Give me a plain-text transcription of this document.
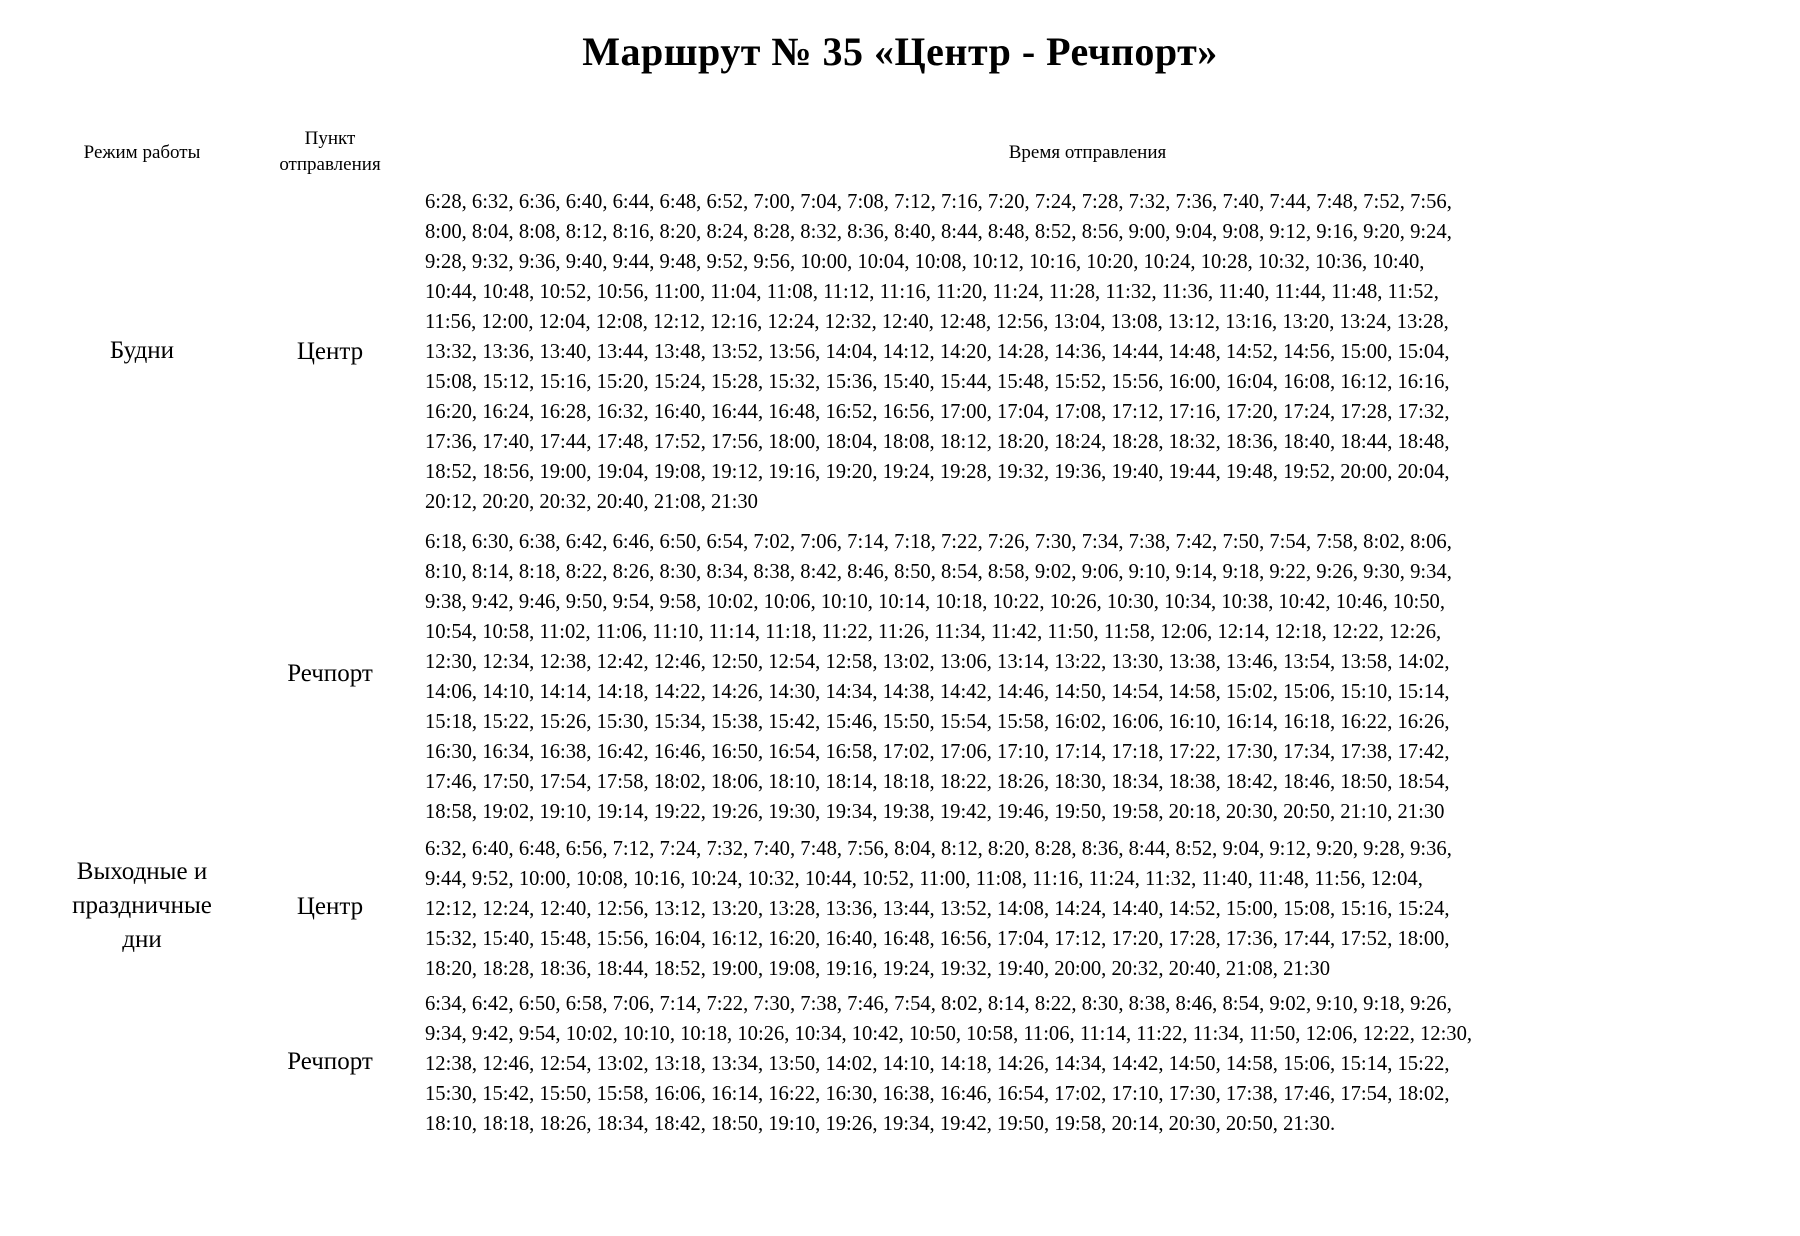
Маршрут № 35 «Центр - Речпорт»
Режим работы
Пункт отправления
Время отправления
Будни
Выходные и праздничные дни
Центр
6:28, 6:32, 6:36, 6:40, 6:44, 6:48, 6:52, 7:00, 7:04, 7:08, 7:12, 7:16, 7:20, 7:24, 7:28, 7:32, 7:36, 7:40, 7:44, 7:48, 7:52, 7:56,
8:00, 8:04, 8:08, 8:12, 8:16, 8:20, 8:24, 8:28, 8:32, 8:36, 8:40, 8:44, 8:48, 8:52, 8:56, 9:00, 9:04, 9:08, 9:12, 9:16, 9:20, 9:24,
9:28, 9:32, 9:36, 9:40, 9:44, 9:48, 9:52, 9:56, 10:00, 10:04, 10:08, 10:12, 10:16, 10:20, 10:24, 10:28, 10:32, 10:36, 10:40,
10:44, 10:48, 10:52, 10:56, 11:00, 11:04, 11:08, 11:12, 11:16, 11:20, 11:24, 11:28, 11:32, 11:36, 11:40, 11:44, 11:48, 11:52,
11:56, 12:00, 12:04, 12:08, 12:12, 12:16, 12:24, 12:32, 12:40, 12:48, 12:56, 13:04, 13:08, 13:12, 13:16, 13:20, 13:24, 13:28,
13:32, 13:36, 13:40, 13:44, 13:48, 13:52, 13:56, 14:04, 14:12, 14:20, 14:28, 14:36, 14:44, 14:48, 14:52, 14:56, 15:00, 15:04,
15:08, 15:12, 15:16, 15:20, 15:24, 15:28, 15:32, 15:36, 15:40, 15:44, 15:48, 15:52, 15:56, 16:00, 16:04, 16:08, 16:12, 16:16,
16:20, 16:24, 16:28, 16:32, 16:40, 16:44, 16:48, 16:52, 16:56, 17:00, 17:04, 17:08, 17:12, 17:16, 17:20, 17:24, 17:28, 17:32,
17:36, 17:40, 17:44, 17:48, 17:52, 17:56, 18:00, 18:04, 18:08, 18:12, 18:20, 18:24, 18:28, 18:32, 18:36, 18:40, 18:44, 18:48,
18:52, 18:56, 19:00, 19:04, 19:08, 19:12, 19:16, 19:20, 19:24, 19:28, 19:32, 19:36, 19:40, 19:44, 19:48, 19:52, 20:00, 20:04,
20:12, 20:20, 20:32, 20:40, 21:08, 21:30
Речпорт
6:18, 6:30, 6:38, 6:42, 6:46, 6:50, 6:54, 7:02, 7:06, 7:14, 7:18, 7:22, 7:26, 7:30, 7:34, 7:38, 7:42, 7:50, 7:54, 7:58, 8:02, 8:06,
8:10, 8:14, 8:18, 8:22, 8:26, 8:30, 8:34, 8:38, 8:42, 8:46, 8:50, 8:54, 8:58, 9:02, 9:06, 9:10, 9:14, 9:18, 9:22, 9:26, 9:30, 9:34,
9:38, 9:42, 9:46, 9:50, 9:54, 9:58, 10:02, 10:06, 10:10, 10:14, 10:18, 10:22, 10:26, 10:30, 10:34, 10:38, 10:42, 10:46, 10:50,
10:54, 10:58, 11:02, 11:06, 11:10, 11:14, 11:18, 11:22, 11:26, 11:34, 11:42, 11:50, 11:58, 12:06, 12:14, 12:18, 12:22, 12:26,
12:30, 12:34, 12:38, 12:42, 12:46, 12:50, 12:54, 12:58, 13:02, 13:06, 13:14, 13:22, 13:30, 13:38, 13:46, 13:54, 13:58, 14:02,
14:06, 14:10, 14:14, 14:18, 14:22, 14:26, 14:30, 14:34, 14:38, 14:42, 14:46, 14:50, 14:54, 14:58, 15:02, 15:06, 15:10, 15:14,
15:18, 15:22, 15:26, 15:30, 15:34, 15:38, 15:42, 15:46, 15:50, 15:54, 15:58, 16:02, 16:06, 16:10, 16:14, 16:18, 16:22, 16:26,
16:30, 16:34, 16:38, 16:42, 16:46, 16:50, 16:54, 16:58, 17:02, 17:06, 17:10, 17:14, 17:18, 17:22, 17:30, 17:34, 17:38, 17:42,
17:46, 17:50, 17:54, 17:58, 18:02, 18:06, 18:10, 18:14, 18:18, 18:22, 18:26, 18:30, 18:34, 18:38, 18:42, 18:46, 18:50, 18:54,
18:58, 19:02, 19:10, 19:14, 19:22, 19:26, 19:30, 19:34, 19:38, 19:42, 19:46, 19:50, 19:58, 20:18, 20:30, 20:50, 21:10, 21:30
Центр
6:32, 6:40, 6:48, 6:56, 7:12, 7:24, 7:32, 7:40, 7:48, 7:56, 8:04, 8:12, 8:20, 8:28, 8:36, 8:44, 8:52, 9:04, 9:12, 9:20, 9:28, 9:36,
9:44, 9:52, 10:00, 10:08, 10:16, 10:24, 10:32, 10:44, 10:52, 11:00, 11:08, 11:16, 11:24, 11:32, 11:40, 11:48, 11:56, 12:04,
12:12, 12:24, 12:40, 12:56, 13:12, 13:20, 13:28, 13:36, 13:44, 13:52, 14:08, 14:24, 14:40, 14:52, 15:00, 15:08, 15:16, 15:24,
15:32, 15:40, 15:48, 15:56, 16:04, 16:12, 16:20, 16:40, 16:48, 16:56, 17:04, 17:12, 17:20, 17:28, 17:36, 17:44, 17:52, 18:00,
18:20, 18:28, 18:36, 18:44, 18:52, 19:00, 19:08, 19:16, 19:24, 19:32, 19:40, 20:00, 20:32, 20:40, 21:08, 21:30
Речпорт
6:34, 6:42, 6:50, 6:58, 7:06, 7:14, 7:22, 7:30, 7:38, 7:46, 7:54, 8:02, 8:14, 8:22, 8:30, 8:38, 8:46, 8:54, 9:02, 9:10, 9:18, 9:26,
9:34, 9:42, 9:54, 10:02, 10:10, 10:18, 10:26, 10:34, 10:42, 10:50, 10:58, 11:06, 11:14, 11:22, 11:34, 11:50, 12:06, 12:22, 12:30,
12:38, 12:46, 12:54, 13:02, 13:18, 13:34, 13:50, 14:02, 14:10, 14:18, 14:26, 14:34, 14:42, 14:50, 14:58, 15:06, 15:14, 15:22,
15:30, 15:42, 15:50, 15:58, 16:06, 16:14, 16:22, 16:30, 16:38, 16:46, 16:54, 17:02, 17:10, 17:30, 17:38, 17:46, 17:54, 18:02,
18:10, 18:18, 18:26, 18:34, 18:42, 18:50, 19:10, 19:26, 19:34, 19:42, 19:50, 19:58, 20:14, 20:30, 20:50, 21:30.
